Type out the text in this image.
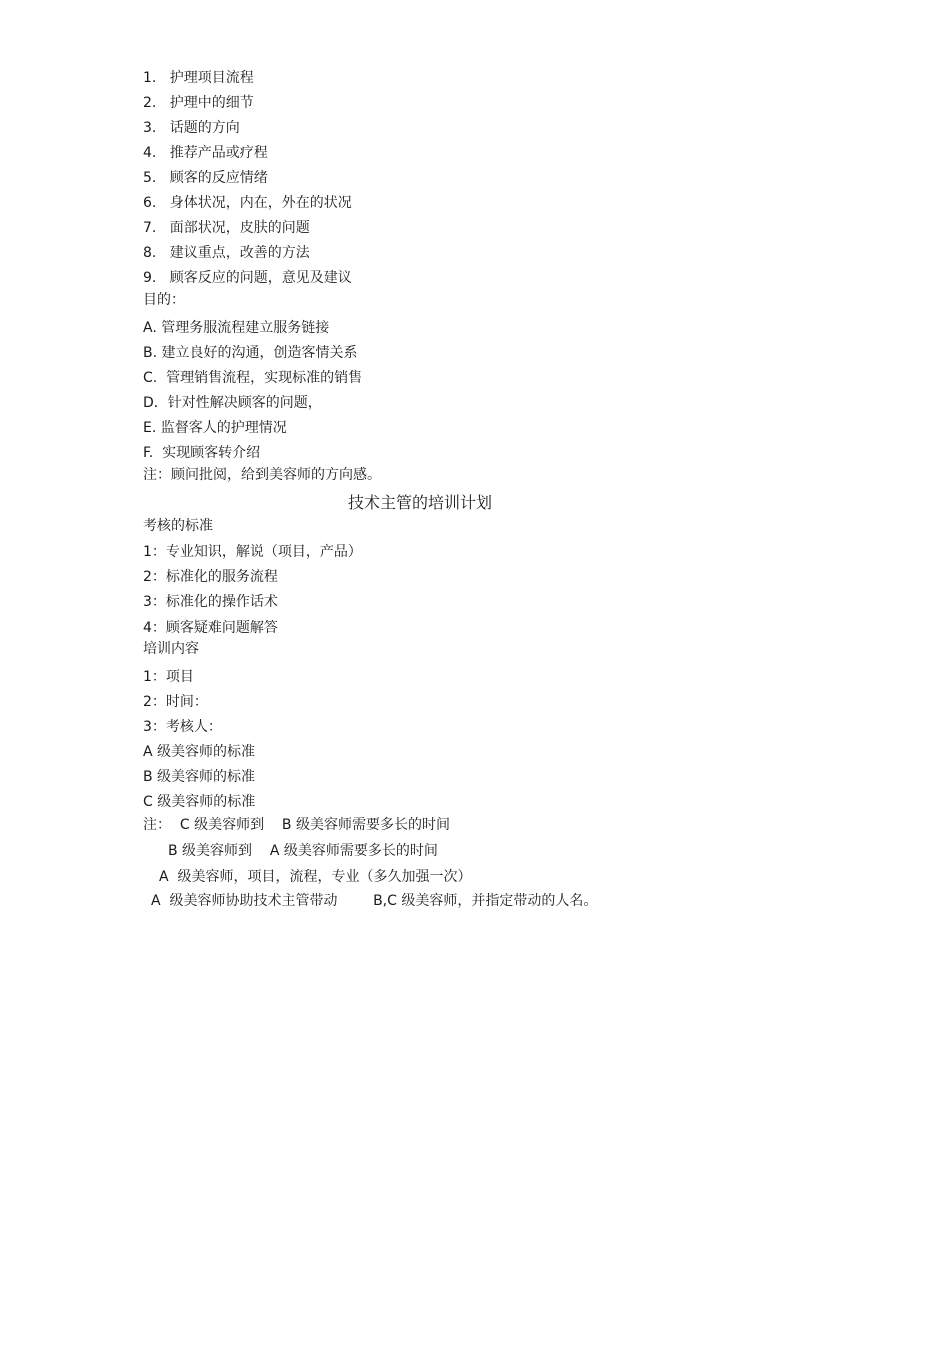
1.   护理项目流程
2.   护理中的细节
3.   话题的方向
4.   推荐产品或疗程
5.   顾客的反应情绪
6.   身体状况，内在，外在的状况
7.   面部状况，皮肤的问题
8.   建议重点，改善的方法
9.   顾客反应的问题，意见及建议
目的：
A. 管理务服流程建立服务链接
B. 建立良好的沟通，创造客情关系
C.  管理销售流程，实现标准的销售
D．针对性解决顾客的问题，
E. 监督客人的护理情况
F.  实现顾客转介绍
注：顾问批阅，给到美容师的方向感。
技术主管的培训计划
考核的标准
1：专业知识，解说（项目，产品）
2：标准化的服务流程
3：标准化的操作话术
4：顾客疑难问题解答
培训内容
1：项目
2：时间：
3：考核人：
A 级美容师的标准
B 级美容师的标准
C 级美容师的标准
注：  C 级美容师到    B 级美容师需要多长的时间
B 级美容师到    A 级美容师需要多长的时间
A  级美容师，项目，流程，专业（多久加强一次）
A  级美容师协助技术主管带动        B,C 级美容师，并指定带动的人名。
